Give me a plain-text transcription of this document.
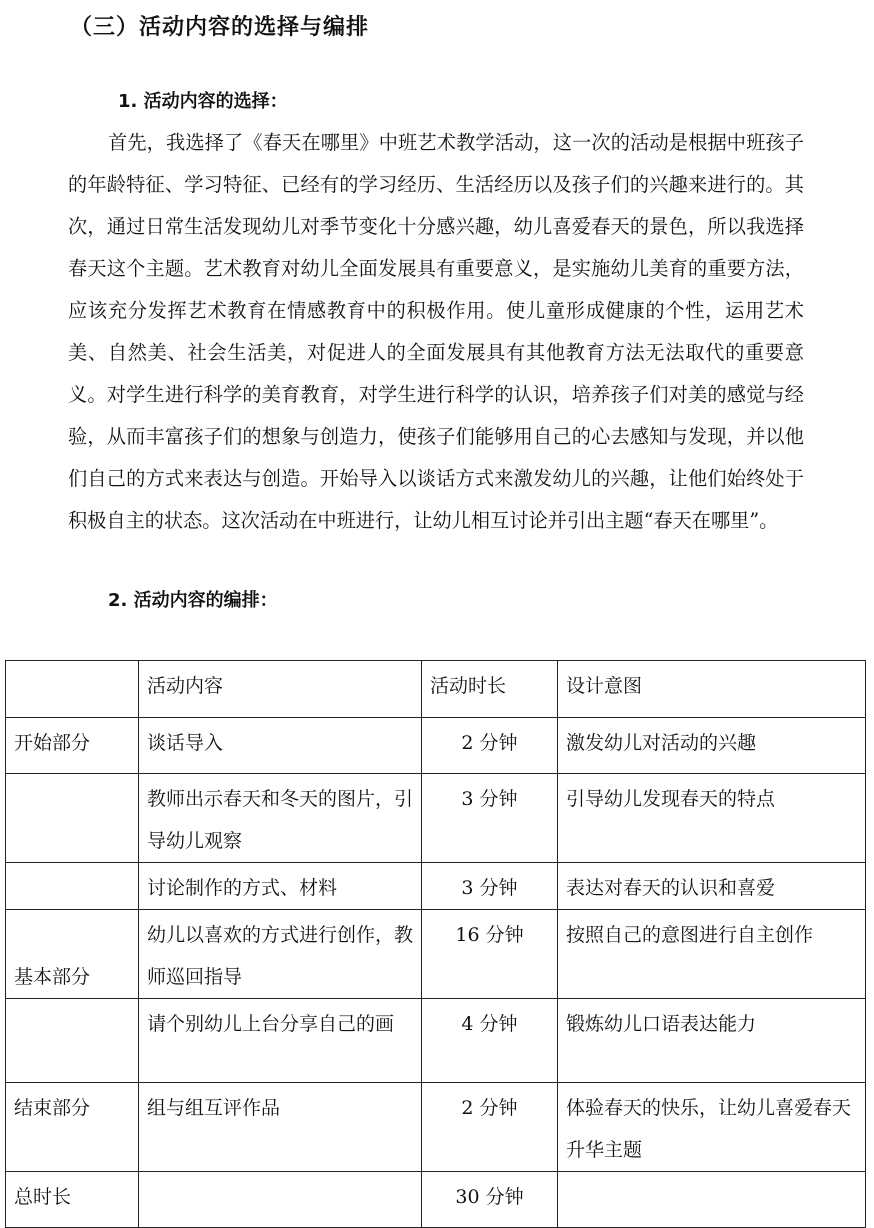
（三）活动内容的选择与编排
1. 活动内容的选择：

首先，我选择了《春天在哪里》中班艺术教学活动，这一次的活动是根据中班孩子的年龄特征、学习特征、已经有的学习经历、生活经历以及孩子们的兴趣来进行的。其次，通过日常生活发现幼儿对季节变化十分感兴趣，幼儿喜爱春天的景色，所以我选择春天这个主题。艺术教育对幼儿全面发展具有重要意义，是实施幼儿美育的重要方法，应该充分发挥艺术教育在情感教育中的积极作用。使儿童形成健康的个性，运用艺术美、自然美、社会生活美，对促进人的全面发展具有其他教育方法无法取代的重要意义。对学生进行科学的美育教育，对学生进行科学的认识，培养孩子们对美的感觉与经验，从而丰富孩子们的想象与创造力，使孩子们能够用自己的心去感知与发现，并以他们自己的方式来表达与创造。开始导入以谈话方式来激发幼儿的兴趣，让他们始终处于积极自主的状态。这次活动在中班进行，让幼儿相互讨论并引出主题“春天在哪里”。

2. 活动内容的编排：
	活动内容	活动时长	设计意图
开始部分	谈话导入	2 分钟	激发幼儿对活动的兴趣
	教师出示春天和冬天的图片，引导幼儿观察	3 分钟	引导幼儿发现春天的特点
	讨论制作的方式、材料	3 分钟	表达对春天的认识和喜爱
基本部分	幼儿以喜欢的方式进行创作，教师巡回指导	16 分钟	按照自己的意图进行自主创作
	请个别幼儿上台分享自己的画	4 分钟	锻炼幼儿口语表达能力
结束部分	组与组互评作品	2 分钟	体验春天的快乐，让幼儿喜爱春天升华主题
总时长		30 分钟	
